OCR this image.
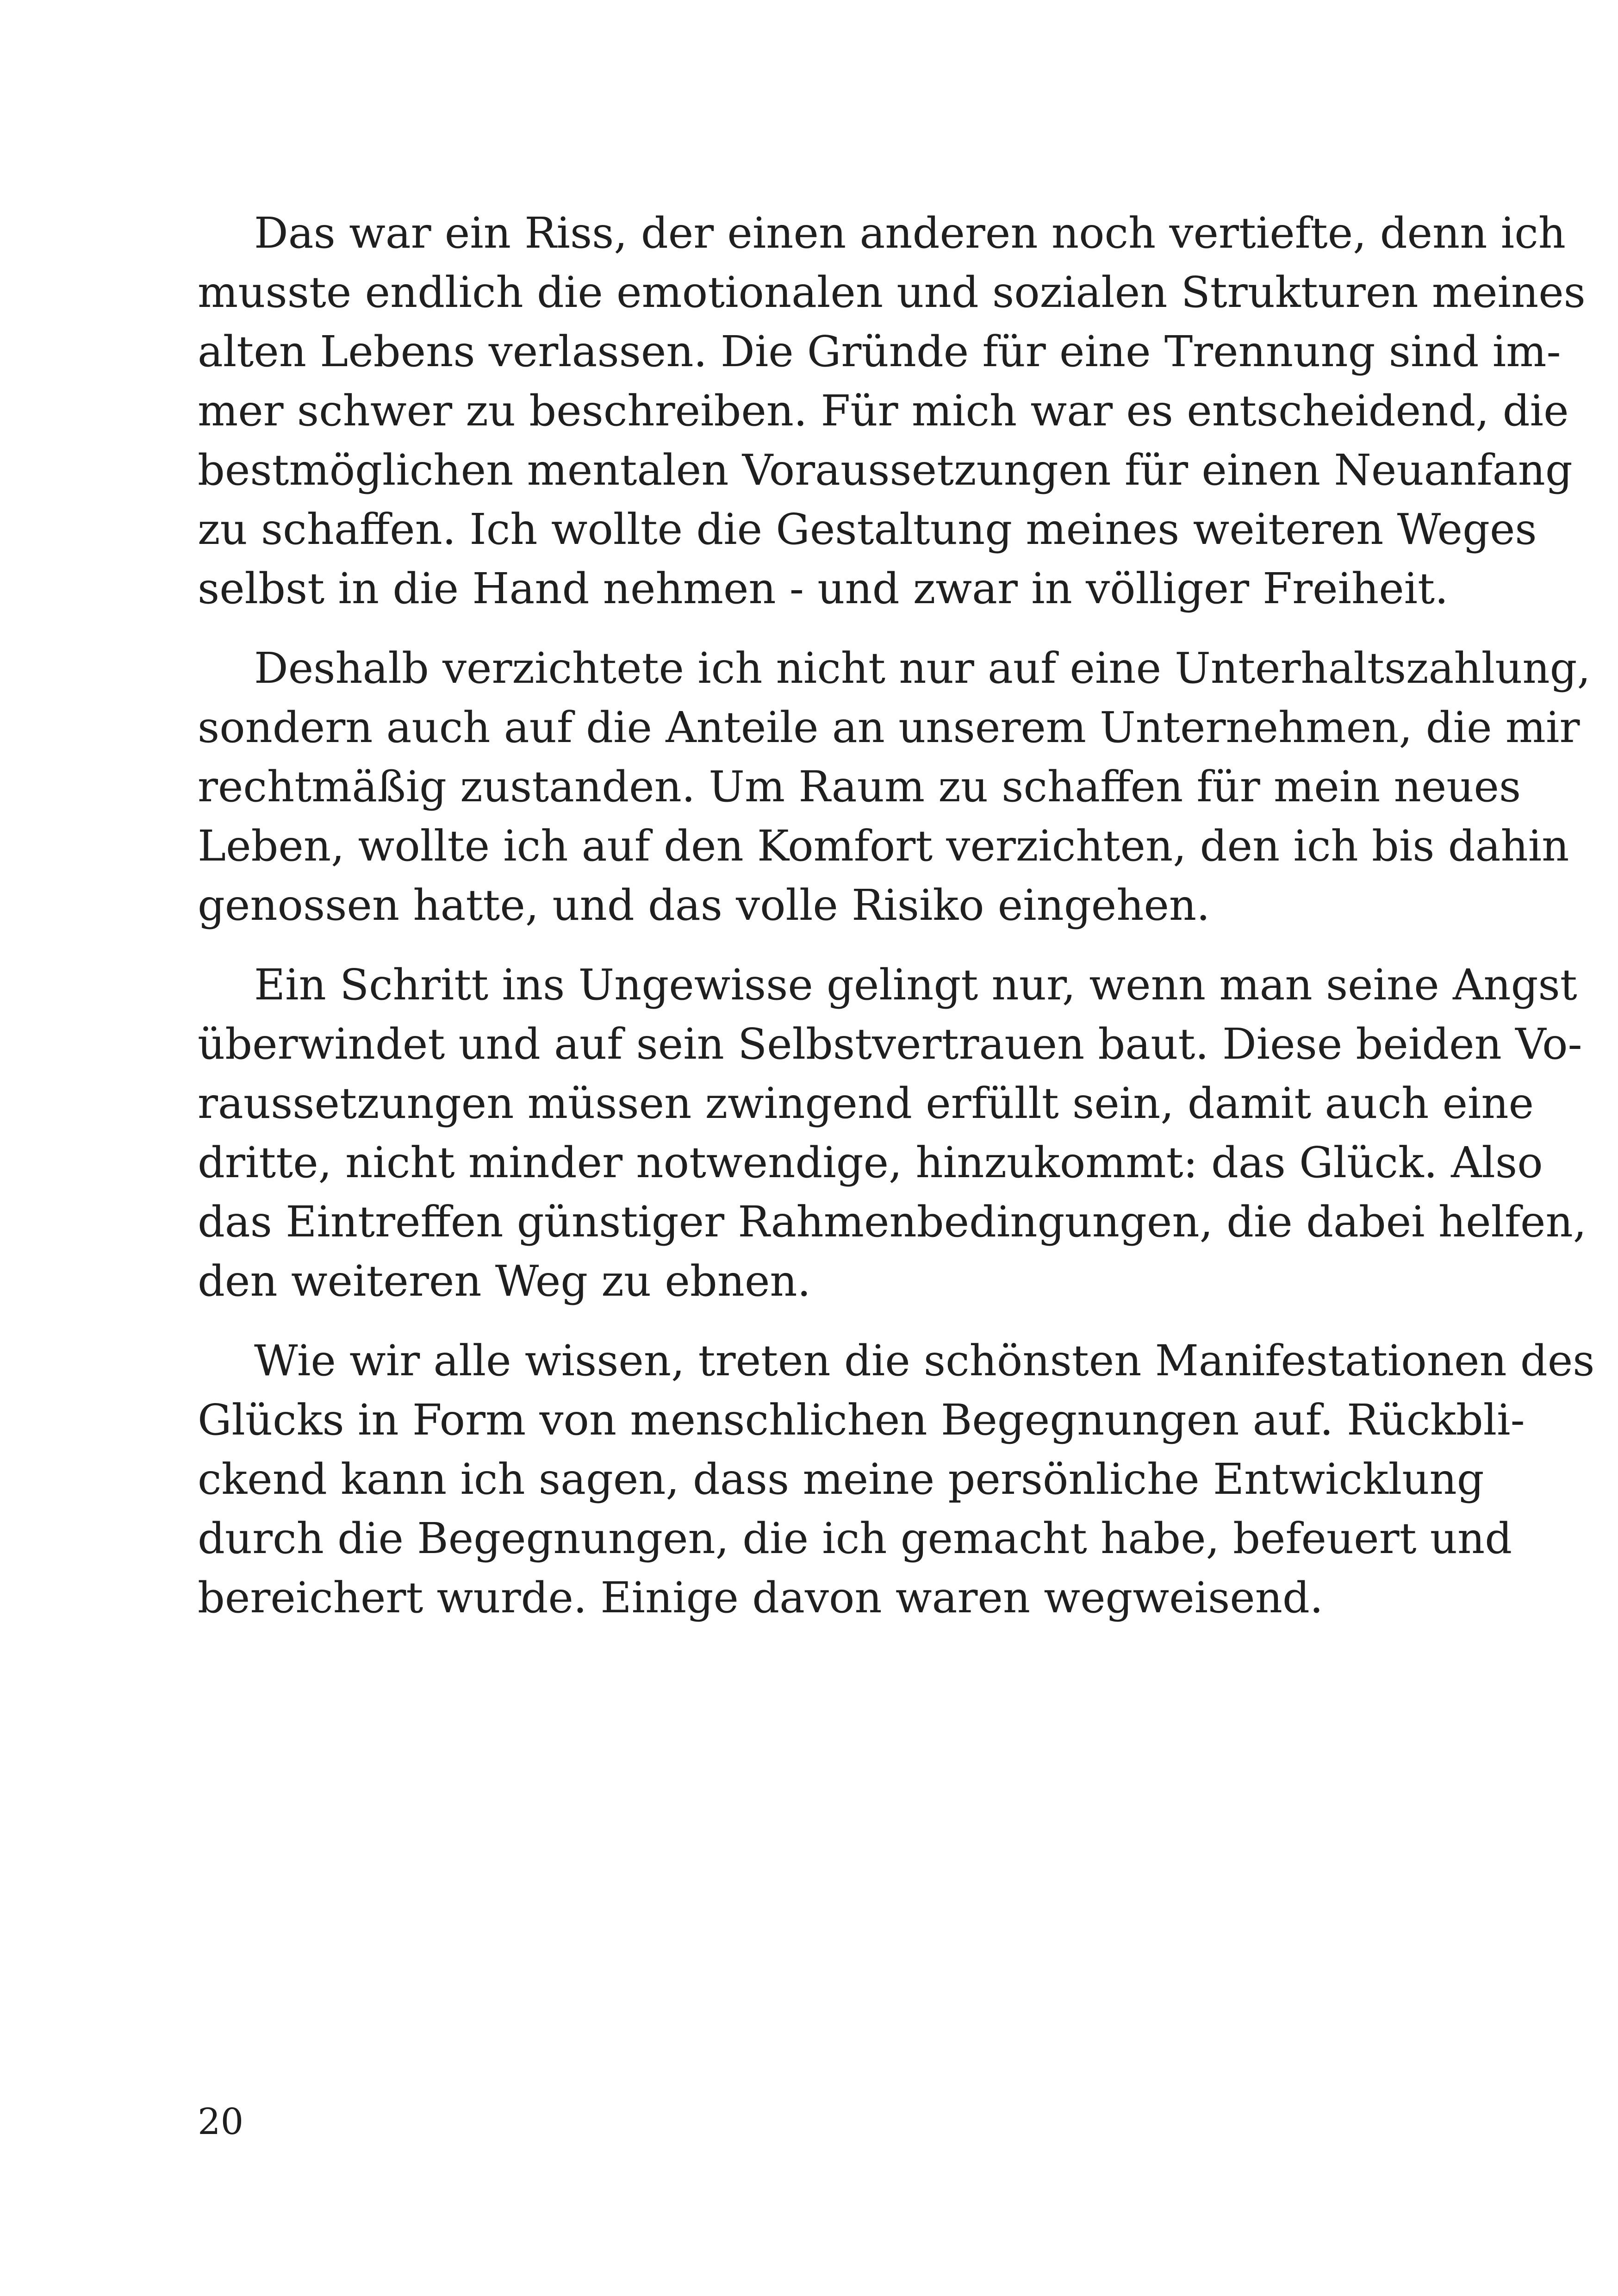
Das war ein Riss, der einen anderen noch vertiefte, denn ich
musste endlich die emotionalen und sozialen Strukturen meines
alten Lebens verlassen. Die Gründe für eine Trennung sind im-
mer schwer zu beschreiben. Für mich war es entscheidend, die
bestmöglichen mentalen Voraussetzungen für einen Neuanfang
zu schaffen. Ich wollte die Gestaltung meines weiteren Weges
selbst in die Hand nehmen - und zwar in völliger Freiheit.

Deshalb verzichtete ich nicht nur auf eine Unterhaltszahlung,
sondern auch auf die Anteile an unserem Unternehmen, die mir
rechtmäßig zustanden. Um Raum zu schaffen für mein neues
Leben, wollte ich auf den Komfort verzichten, den ich bis dahin
genossen hatte, und das volle Risiko eingehen.

Ein Schritt ins Ungewisse gelingt nur, wenn man seine Angst
überwindet und auf sein Selbstvertrauen baut. Diese beiden Vo-
raussetzungen müssen zwingend erfüllt sein, damit auch eine
dritte, nicht minder notwendige, hinzukommt: das Glück. Also
das Eintreffen günstiger Rahmenbedingungen, die dabei helfen,
den weiteren Weg zu ebnen.

Wie wir alle wissen, treten die schönsten Manifestationen des
Glücks in Form von menschlichen Begegnungen auf. Rückbli-
ckend kann ich sagen, dass meine persönliche Entwicklung
durch die Begegnungen, die ich gemacht habe, befeuert und
bereichert wurde. Einige davon waren wegweisend.

20
